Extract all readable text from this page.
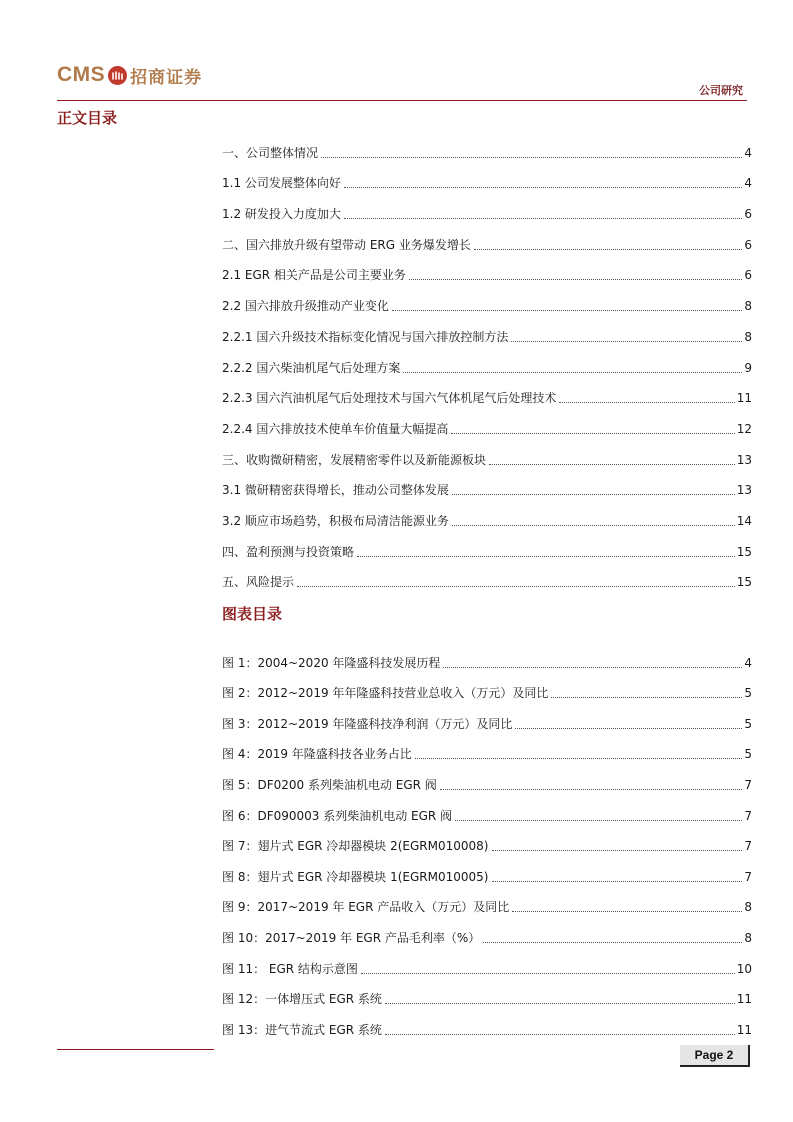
CMS 招商证券
公司研究
正文目录
一、公司整体情况	4
1.1 公司发展整体向好	4
1.2 研发投入力度加大	6
二、国六排放升级有望带动 ERG 业务爆发增长	6
2.1 EGR 相关产品是公司主要业务	6
2.2 国六排放升级推动产业变化	8
2.2.1 国六升级技术指标变化情况与国六排放控制方法	8
2.2.2 国六柴油机尾气后处理方案	9
2.2.3 国六汽油机尾气后处理技术与国六气体机尾气后处理技术	11
2.2.4 国六排放技术使单车价值量大幅提高	12
三、收购微研精密，发展精密零件以及新能源板块	13
3.1 微研精密获得增长，推动公司整体发展	13
3.2 顺应市场趋势，积极布局清洁能源业务	14
四、盈利预测与投资策略	15
五、风险提示	15
图表目录
图 1：2004~2020 年隆盛科技发展历程	4
图 2：2012~2019 年年隆盛科技营业总收入（万元）及同比	5
图 3：2012~2019 年隆盛科技净利润（万元）及同比	5
图 4：2019 年隆盛科技各业务占比	5
图 5：DF0200 系列柴油机电动 EGR 阀	7
图 6：DF090003 系列柴油机电动 EGR 阀	7
图 7：翅片式 EGR 冷却器模块 2(EGRM010008)	7
图 8：翅片式 EGR 冷却器模块 1(EGRM010005)	7
图 9：2017~2019 年 EGR 产品收入（万元）及同比	8
图 10：2017~2019 年 EGR 产品毛利率（%）	8
图 11： EGR 结构示意图	10
图 12：一体增压式 EGR 系统	11
图 13：进气节流式 EGR 系统	11
Page 2
